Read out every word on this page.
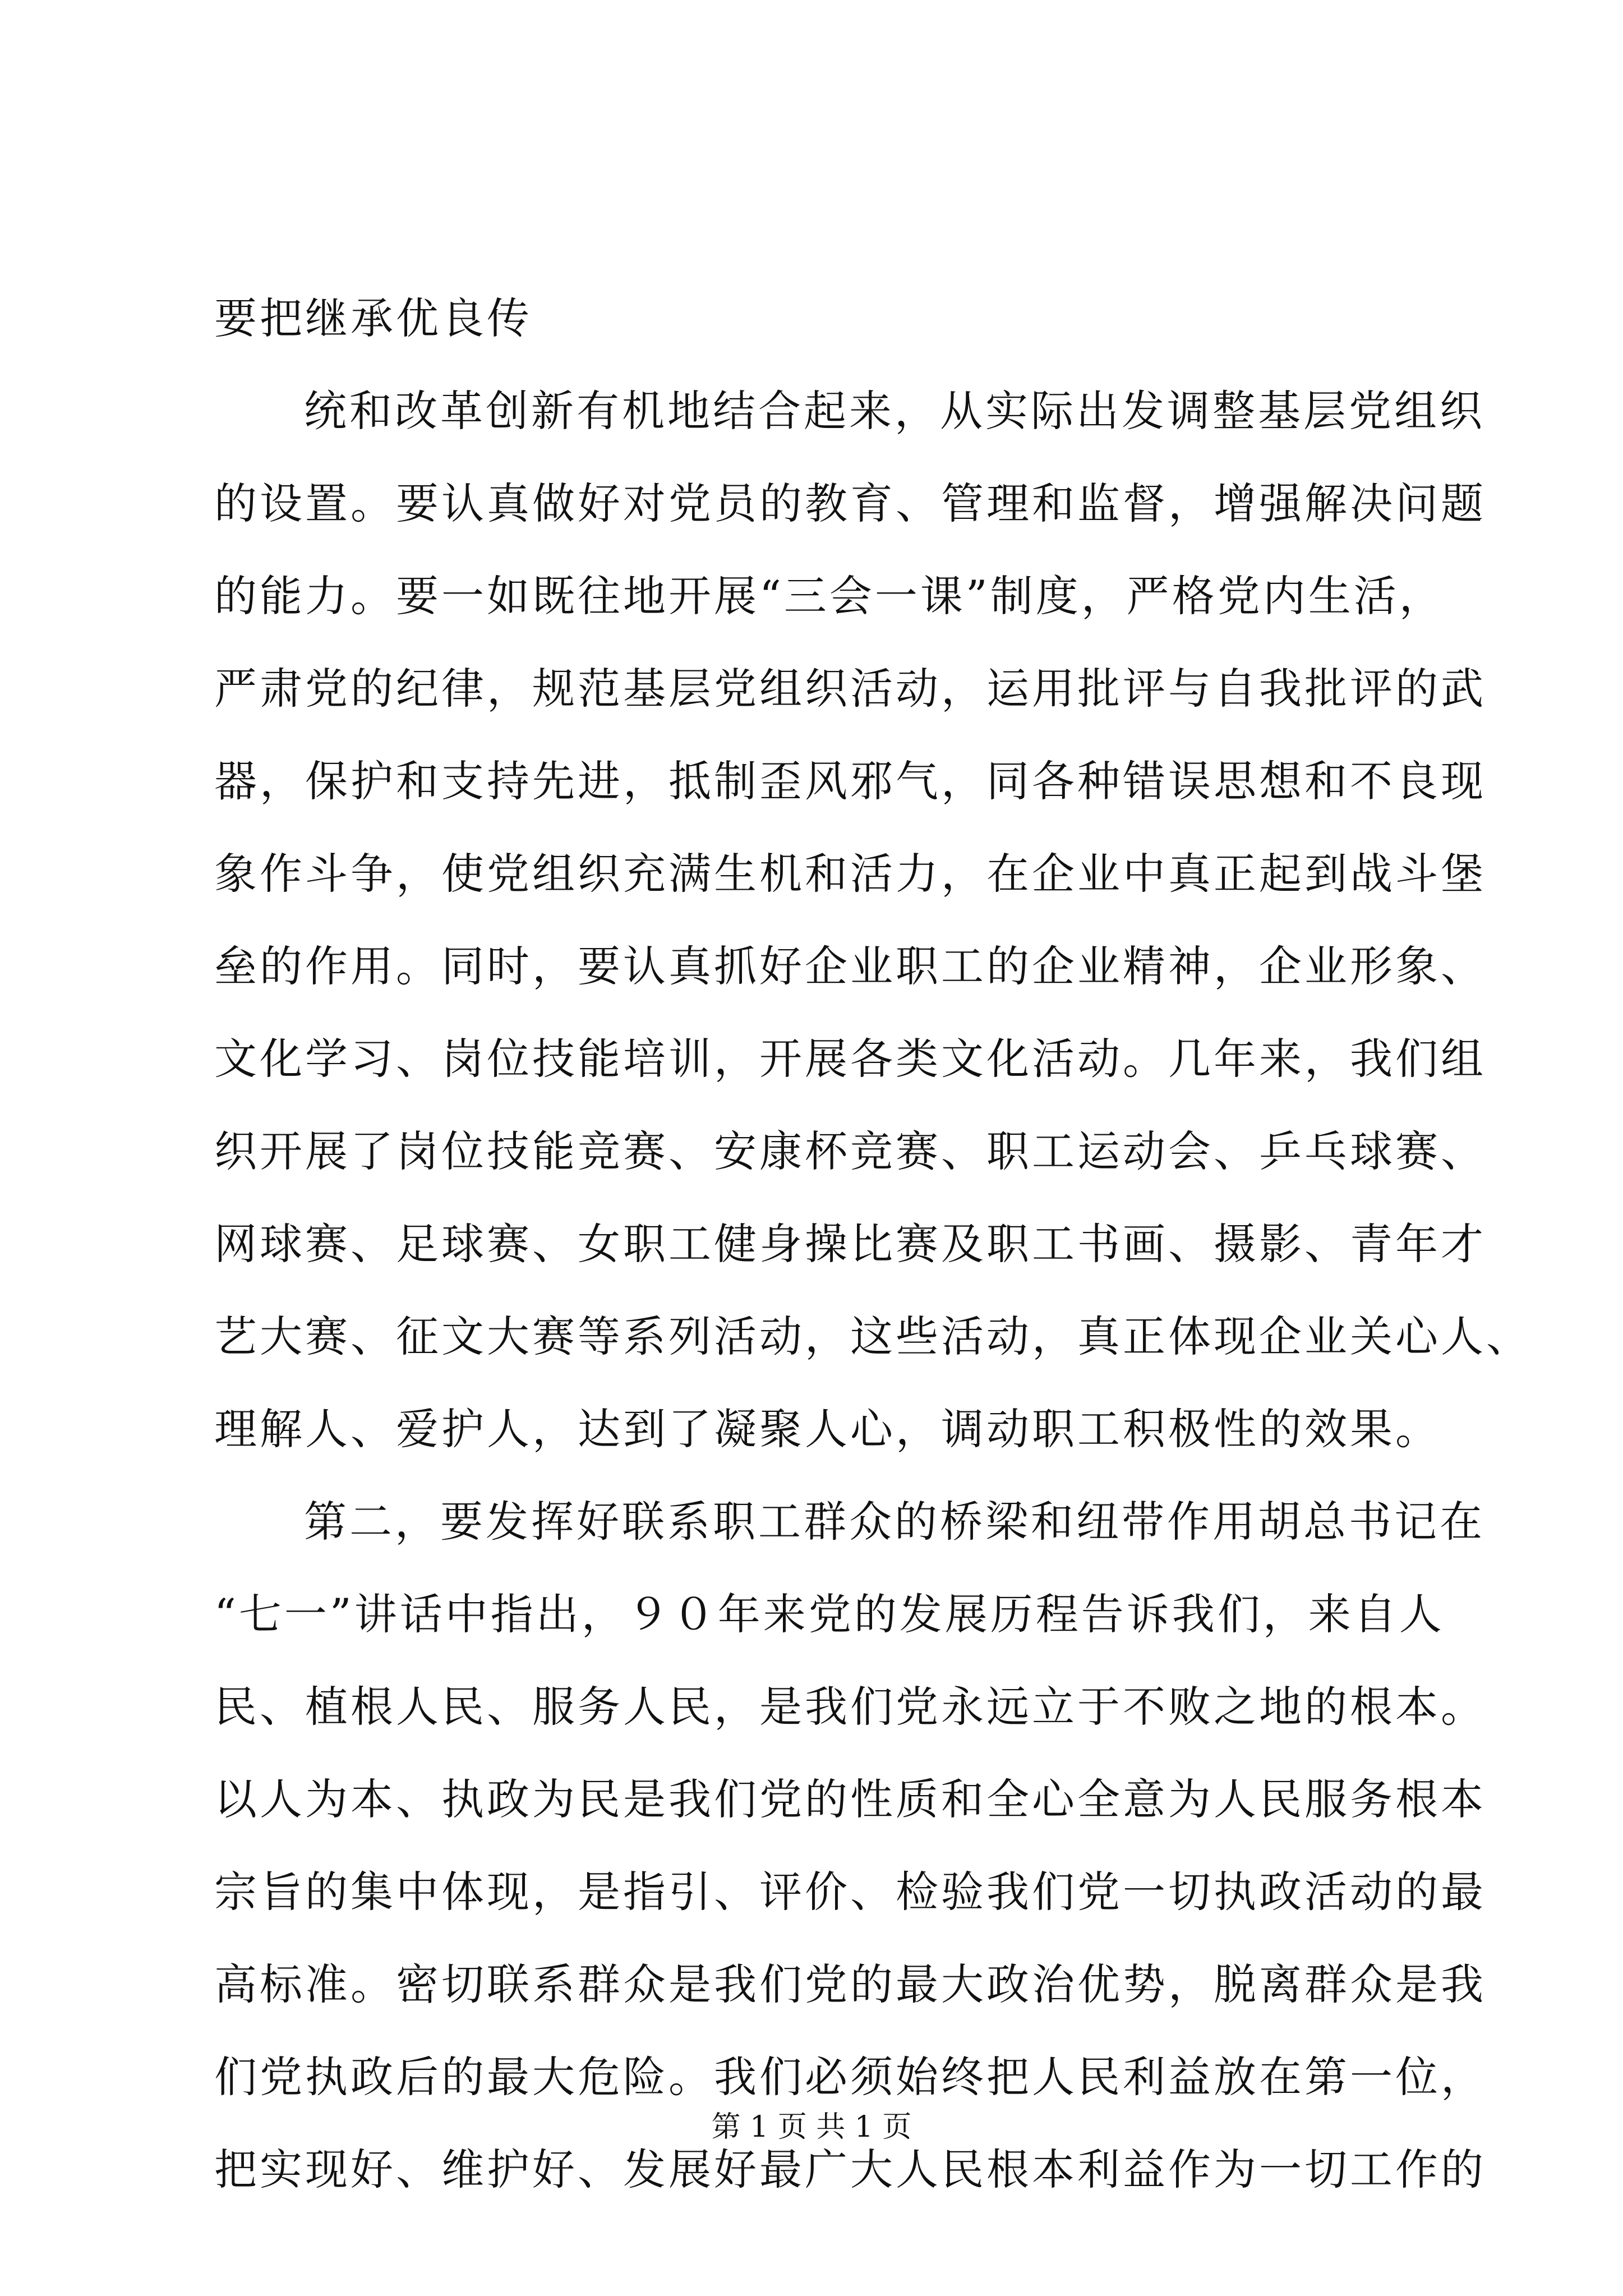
要把继承优良传

统和改革创新有机地结合起来，从实际出发调整基层党组织

的设置。要认真做好对党员的教育、管理和监督，增强解决问题

的能力。要一如既往地开展“三会一课”制度，严格党内生活，

严肃党的纪律，规范基层党组织活动，运用批评与自我批评的武

器，保护和支持先进，抵制歪风邪气，同各种错误思想和不良现

象作斗争，使党组织充满生机和活力，在企业中真正起到战斗堡

垒的作用。同时，要认真抓好企业职工的企业精神，企业形象、

文化学习、岗位技能培训，开展各类文化活动。几年来，我们组

织开展了岗位技能竞赛、安康杯竞赛、职工运动会、乒乓球赛、

网球赛、足球赛、女职工健身操比赛及职工书画、摄影、青年才

艺大赛、征文大赛等系列活动，这些活动，真正体现企业关心人、

理解人、爱护人，达到了凝聚人心，调动职工积极性的效果。

第二，要发挥好联系职工群众的桥梁和纽带作用胡总书记在

“七一”讲话中指出，９０年来党的发展历程告诉我们，来自人

民、植根人民、服务人民，是我们党永远立于不败之地的根本。

以人为本、执政为民是我们党的性质和全心全意为人民服务根本

宗旨的集中体现，是指引、评价、检验我们党一切执政活动的最

高标准。密切联系群众是我们党的最大政治优势，脱离群众是我

们党执政后的最大危险。我们必须始终把人民利益放在第一位，

把实现好、维护好、发展好最广大人民根本利益作为一切工作的

第 1 页 共 1 页
